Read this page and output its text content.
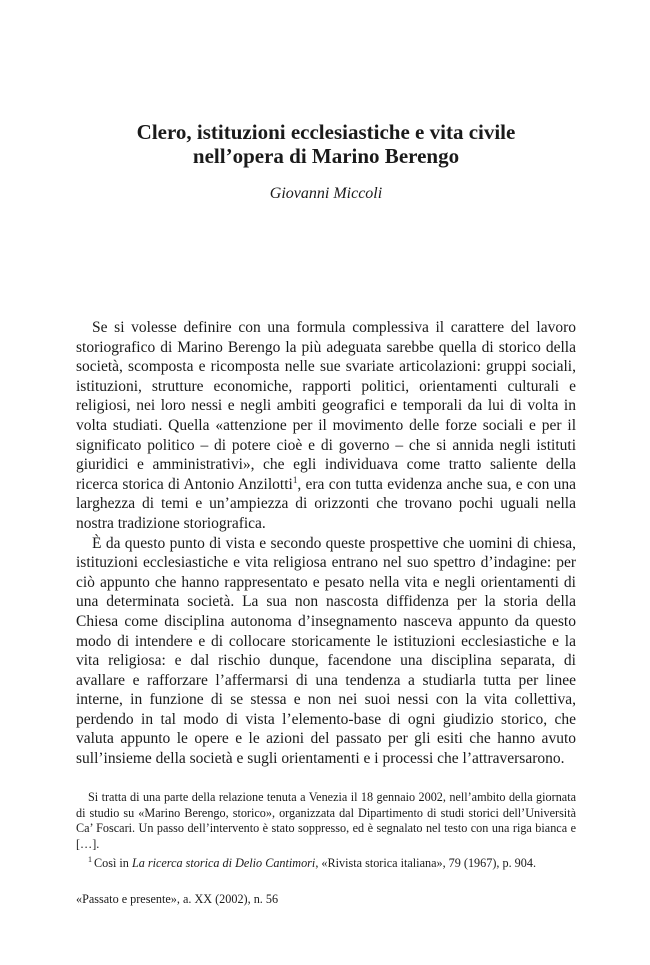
Clero, istituzioni ecclesiastiche e vita civile
nell’opera di Marino Berengo
Giovanni Miccoli

Se si volesse definire con una formula complessiva il carattere del lavoro storiografico di Marino Berengo la più adeguata sarebbe quella di storico della società, scomposta e ricomposta nelle sue svariate articolazioni: gruppi sociali, istituzioni, strutture economiche, rapporti politici, orientamenti culturali e religiosi, nei loro nessi e negli ambiti geografici e temporali da lui di volta in volta studiati. Quella «attenzione per il movimento delle forze sociali e per il significato politico – di potere cioè e di governo – che si annida negli istituti giuridici e amministrativi», che egli individuava come tratto saliente della ricerca storica di Antonio Anzilotti$^1$, era con tutta evidenza anche sua, e con una larghezza di temi e un’ampiezza di orizzonti che trovano pochi uguali nella nostra tradizione storiografica.

È da questo punto di vista e secondo queste prospettive che uomini di chiesa, istituzioni ecclesiastiche e vita religiosa entrano nel suo spettro d’indagine: per ciò appunto che hanno rappresentato e pesato nella vita e negli orientamenti di una determinata società. La sua non nascosta diffidenza per la storia della Chiesa come disciplina autonoma d’insegnamento nasceva appunto da questo modo di intendere e di collocare storicamente le istituzioni ecclesiastiche e la vita religiosa: e dal rischio dunque, facendone una disciplina separata, di avallare e rafforzare l’affermarsi di una tendenza a studiarla tutta per linee interne, in funzione di se stessa e non nei suoi nessi con la vita collettiva, perdendo in tal modo di vista l’elemento-base di ogni giudizio storico, che valuta appunto le opere e le azioni del passato per gli esiti che hanno avuto sull’insieme della società e sugli orientamenti e i processi che l’attraversarono.

Si tratta di una parte della relazione tenuta a Venezia il 18 gennaio 2002, nell’ambito della giornata di studio su «Marino Berengo, storico», organizzata dal Dipartimento di studi storici dell’Università Ca’ Foscari. Un passo dell’intervento è stato soppresso, ed è segnalato nel testo con una riga bianca e […].

$^1$ Così in La ricerca storica di Delio Cantimori, «Rivista storica italiana», 79 (1967), p. 904.

«Passato e presente», a. XX (2002), n. 56
